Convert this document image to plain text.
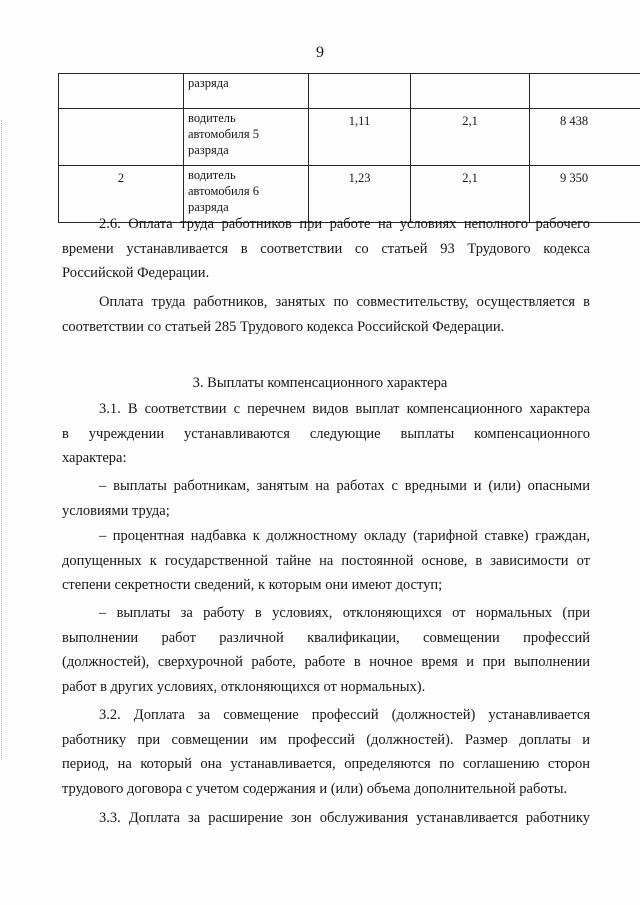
9

	разряда			

	водитель
автомобиля 5
разряда	1,11	2,1	8 438
2	водитель
автомобиля 6
разряда	1,23	2,1	9 350
2.6. Оплата труда работников при работе на условиях неполного рабочего
времени устанавливается в соответствии со статьей 93 Трудового кодекса
Российской Федерации.
Оплата труда работников, занятых по совместительству, осуществляется в
соответствии со статьей 285 Трудового кодекса Российской Федерации.
3. Выплаты компенсационного характера
3.1. В соответствии с перечнем видов выплат компенсационного характера
в учреждении устанавливаются следующие выплаты компенсационного
характера:
– выплаты работникам, занятым на работах с вредными и (или) опасными
условиями труда;
– процентная надбавка к должностному окладу (тарифной ставке) граждан,
допущенных к государственной тайне на постоянной основе, в зависимости от
степени секретности сведений, к которым они имеют доступ;
– выплаты за работу в условиях, отклоняющихся от нормальных (при
выполнении работ различной квалификации, совмещении профессий
(должностей), сверхурочной работе, работе в ночное время и при выполнении
работ в других условиях, отклоняющихся от нормальных).
3.2. Доплата за совмещение профессий (должностей) устанавливается
работнику при совмещении им профессий (должностей). Размер доплаты и
период, на который она устанавливается, определяются по соглашению сторон
трудового договора с учетом содержания и (или) объема дополнительной работы.
3.3. Доплата за расширение зон обслуживания устанавливается работнику
